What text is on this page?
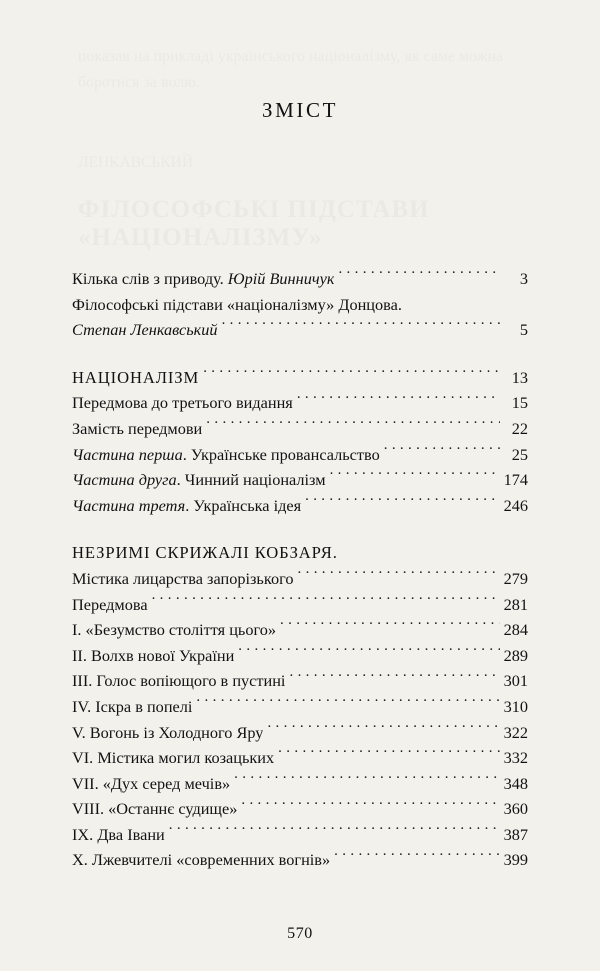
показав на прикладі українського націоналізму, як саме можна боротися за волю.
ЛЕНКАВСЬКИЙ
ФІЛОСОФСЬКІ ПІДСТАВИ «НАЦІОНАЛІЗМУ»
ЗМІСТ
Кілька слів з приводу. Юрій Винничук . . .	3
Філософські підстави «націоналізму» Донцова.
Степан Ленкавський . . .	5
НАЦІОНАЛІЗМ . . .	13
Передмова до третього видання . . .	15
Замість передмови . . .	22
Частина перша. Українське провансальство . . .	25
Частина друга. Чинний націоналізм . . .	174
Частина третя. Українська ідея . . .	246
НЕЗРИМІ СКРИЖАЛІ КОБЗАРЯ.
Містика лицарства запорізького . . .	279
Передмова . . .	281
I. «Безумство століття цього» . . .	284
II. Волхв нової України . . .	289
III. Голос вопіющого в пустині . . .	301
IV. Іскра в попелі . . .	310
V. Вогонь із Холодного Яру . . .	322
VI. Містика могил козацьких . . .	332
VII. «Дух серед мечів» . . .	348
VIII. «Останнє судище» . . .	360
IX. Два Івани . . .	387
X. Лжевчителі «современних вогнів» . . .	399
570
